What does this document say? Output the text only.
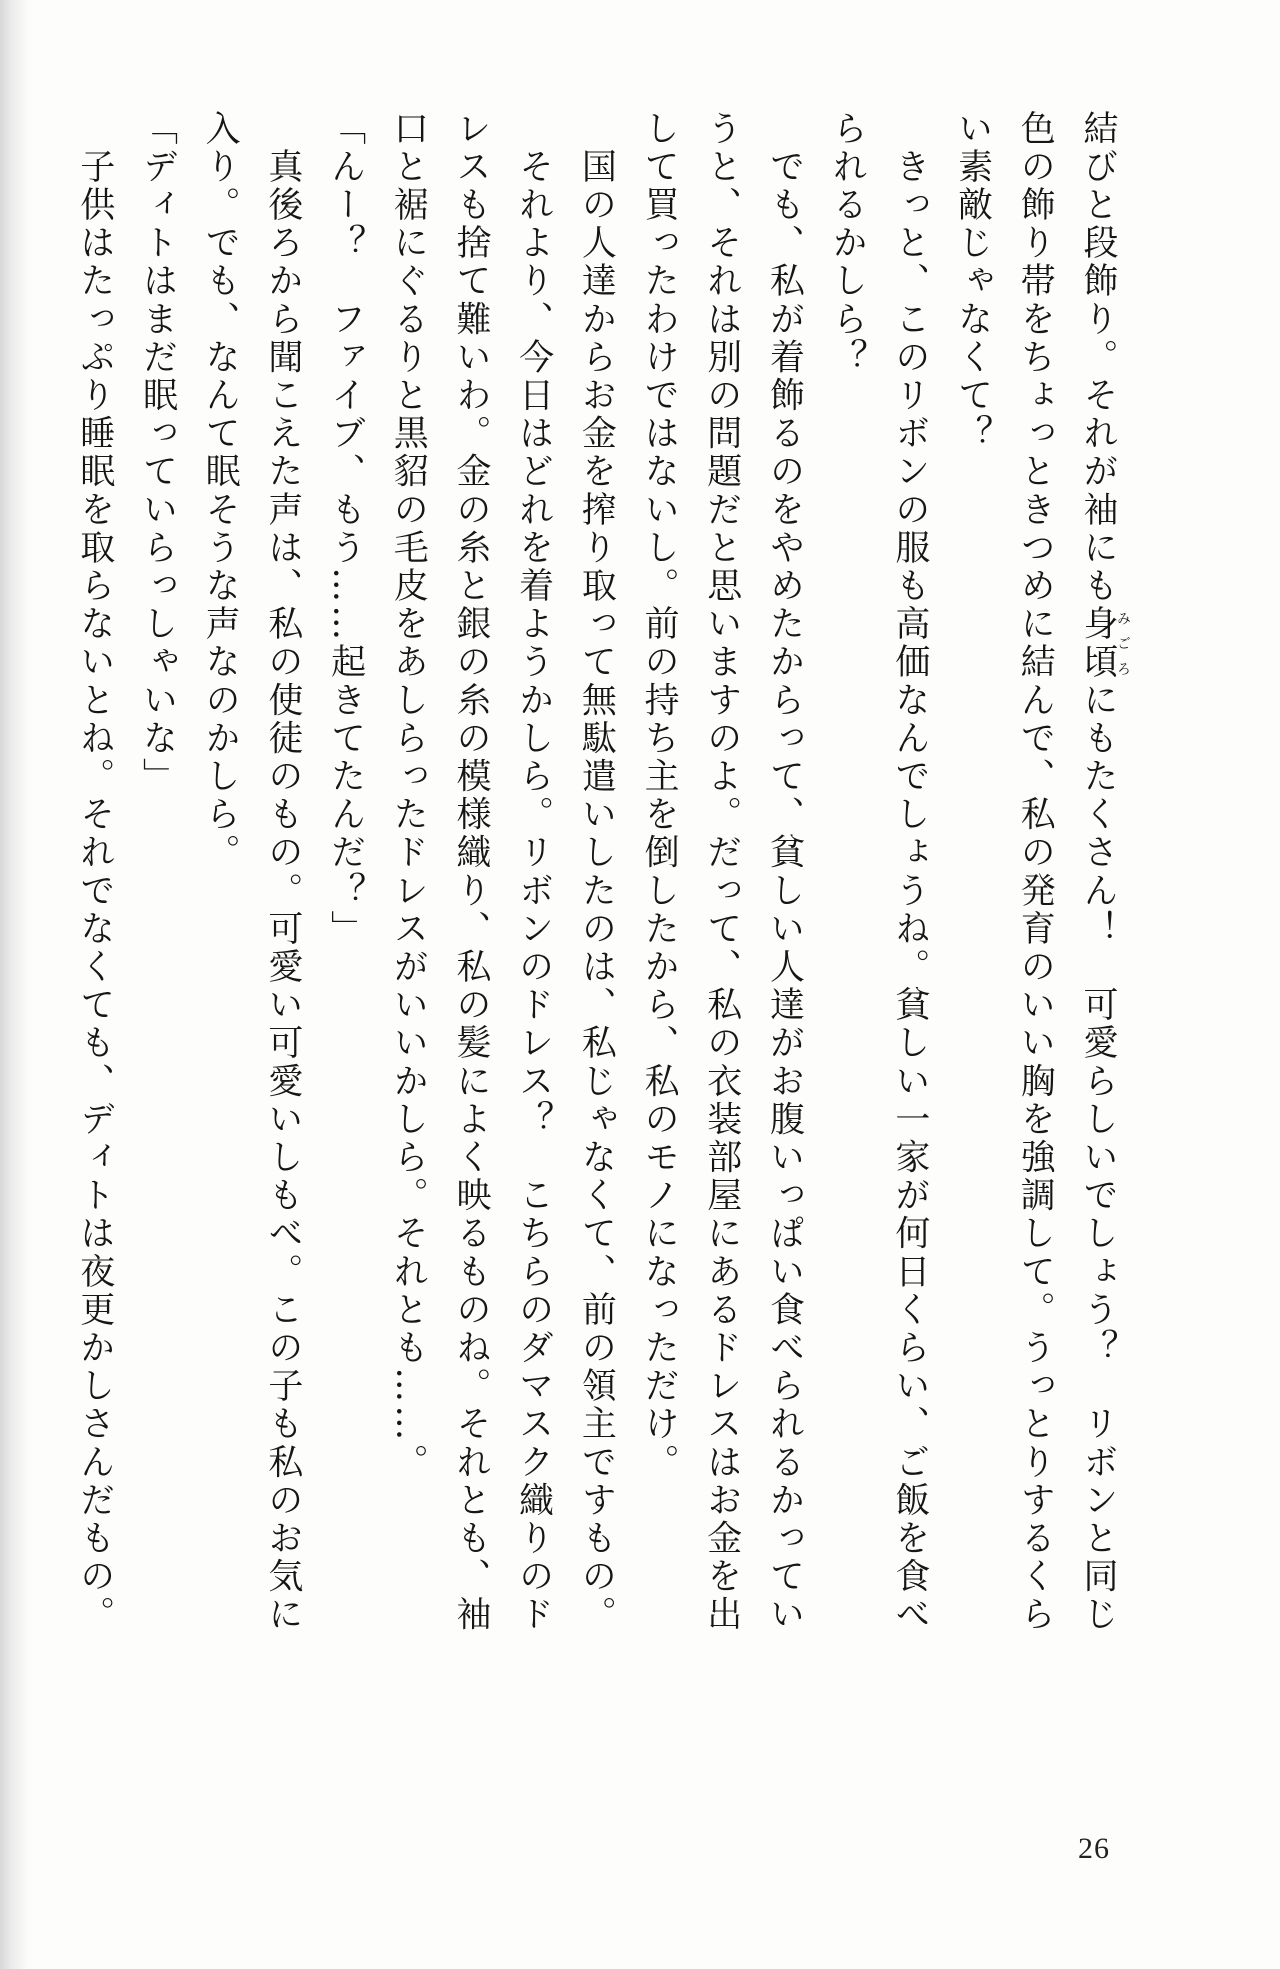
結びと段飾り。それが袖にも身頃みごろにもたくさん！　可愛らしいでしょう？　リボンと同じ

色の飾り帯をちょっときつめに結んで、私の発育のいい胸を強調して。うっとりするくら

い素敵じゃなくて？

　きっと、このリボンの服も高価なんでしょうね。貧しい一家が何日くらい、ご飯を食べ

られるかしら？

　でも、私が着飾るのをやめたからって、貧しい人達がお腹いっぱい食べられるかってい

うと、それは別の問題だと思いますのよ。だって、私の衣装部屋にあるドレスはお金を出

して買ったわけではないし。前の持ち主を倒したから、私のモノになっただけ。

　国の人達からお金を搾り取って無駄遣いしたのは、私じゃなくて、前の領主ですもの。

　それより、今日はどれを着ようかしら。リボンのドレス？　こちらのダマスク織りのド

レスも捨て難いわ。金の糸と銀の糸の模様織り、私の髪によく映るものね。それとも、袖

口と裾にぐるりと黒貂の毛皮をあしらったドレスがいいかしら。それとも……。

「んー？　ファイブ、もう……起きてたんだ？」

　真後ろから聞こえた声は、私の使徒のもの。可愛い可愛いしもべ。この子も私のお気に

入り。でも、なんて眠そうな声なのかしら。

「ディトはまだ眠っていらっしゃいな」

　子供はたっぷり睡眠を取らないとね。それでなくても、ディトは夜更かしさんだもの。

26
